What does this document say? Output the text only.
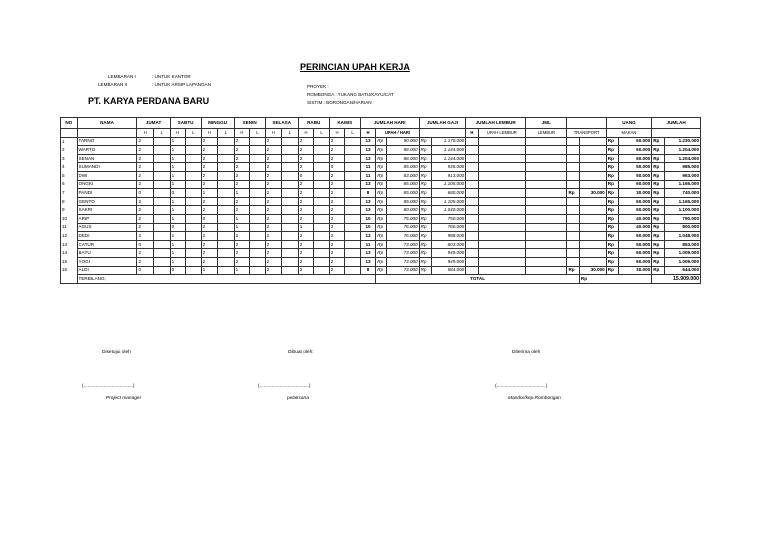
PERINCIAN UPAH KERJA
LEMBARAN I	: UNTUK KANTOR
LEMBARAN II	: UNTUK ARSIP LAPANGAN
PT. KARYA PERDANA BARU
PROYEK :
ROMBONGA : TUKANG BATU/KAYU/CAT
SISTIM : BORONGAN/HARIAN
NO	NAMA	JUMAT		SABTU		MINGGU		SENIN		SELASA		RABU		KAMIS		JUMLAH HARI			JUMLAH GAJI		JUMLAH LEMBUR		JML			UANG		JUMLAH	
		H	L	H	L	H	L	H	L	H	L	H	L	H	L	H	UPAH / HARI				H	UPAH LEMBUR	LEMBUR	TRANSPORT		MAKAN			
1	TARNO	2		1		2		2		2		2		2		13	Rp	90.000	Rp	1.170.000						Rp	60.000	Rp	1.230.000
2	WARTO	2		1		2		2		2		2		2		13	Rp	88.000	Rp	1.144.000						Rp	60.000	Rp	1.204.000
3	SENAN	2		1		2		2		2		2		2		13	Rp	88.000	Rp	1.144.000						Rp	60.000	Rp	1.204.000
4	SUMANDI	2		1		2		2		2		2		0		11	Rp	85.000	Rp	935.000						Rp	50.000	Rp	985.000
5	DWI	2		1		2		2		2		0		2		11	Rp	83.000	Rp	913.000						Rp	50.000	Rp	963.000
6	ONGKI	2		1		2		2		2		2		2		13	Rp	85.000	Rp	1.105.000						Rp	60.000	Rp	1.165.000
7	PANDI	0		0		1		1		2		2		2		8	Rp	85.000	Rp	680.000				Rp	30.000	Rp	30.000	Rp	740.000
8	GENTO	2		1		2		2		2		2		2		13	Rp	85.000	Rp	1.105.000						Rp	60.000	Rp	1.165.000
9	SAKRI	2		1		2		2		2		2		2		13	Rp	80.000	Rp	1.040.000						Rp	60.000	Rp	1.100.000
10	ARIP	2		1		0		1		2		2		2		10	Rp	75.000	Rp	750.000						Rp	40.000	Rp	790.000
11	AGUS	2		0		2		1		2		1		2		10	Rp	76.000	Rp	760.000						Rp	40.000	Rp	800.000
12	DEDI	2		1		2		2		2		2		2		13	Rp	76.000	Rp	988.000						Rp	60.000	Rp	1.048.000
13	CATUR	0		1		2		2		2		2		2		11	Rp	73.000	Rp	803.000						Rp	50.000	Rp	853.000
14	BAYU	2		1		2		2		2		2		2		13	Rp	73.000	Rp	949.000						Rp	60.000	Rp	1.009.000
15	YOGI	2		1		2		2		2		2		2		13	Rp	73.000	Rp	949.000						Rp	60.000	Rp	1.009.000
16	ALDI	0		0		1		1		2		2		2		8	Rp	73.000	Rp	584.000				Rp	30.000	Rp	30.000	Rp	644.000
	TERBILANG;																TOTAL								Rp			15.909.000	
Disetujui oleh	Dibuat oleh:	Diterima oleh
(.....................................)	(.....................................)	(.....................................)
Project manager	pelaksana	Mandor/kep.Rombongan
